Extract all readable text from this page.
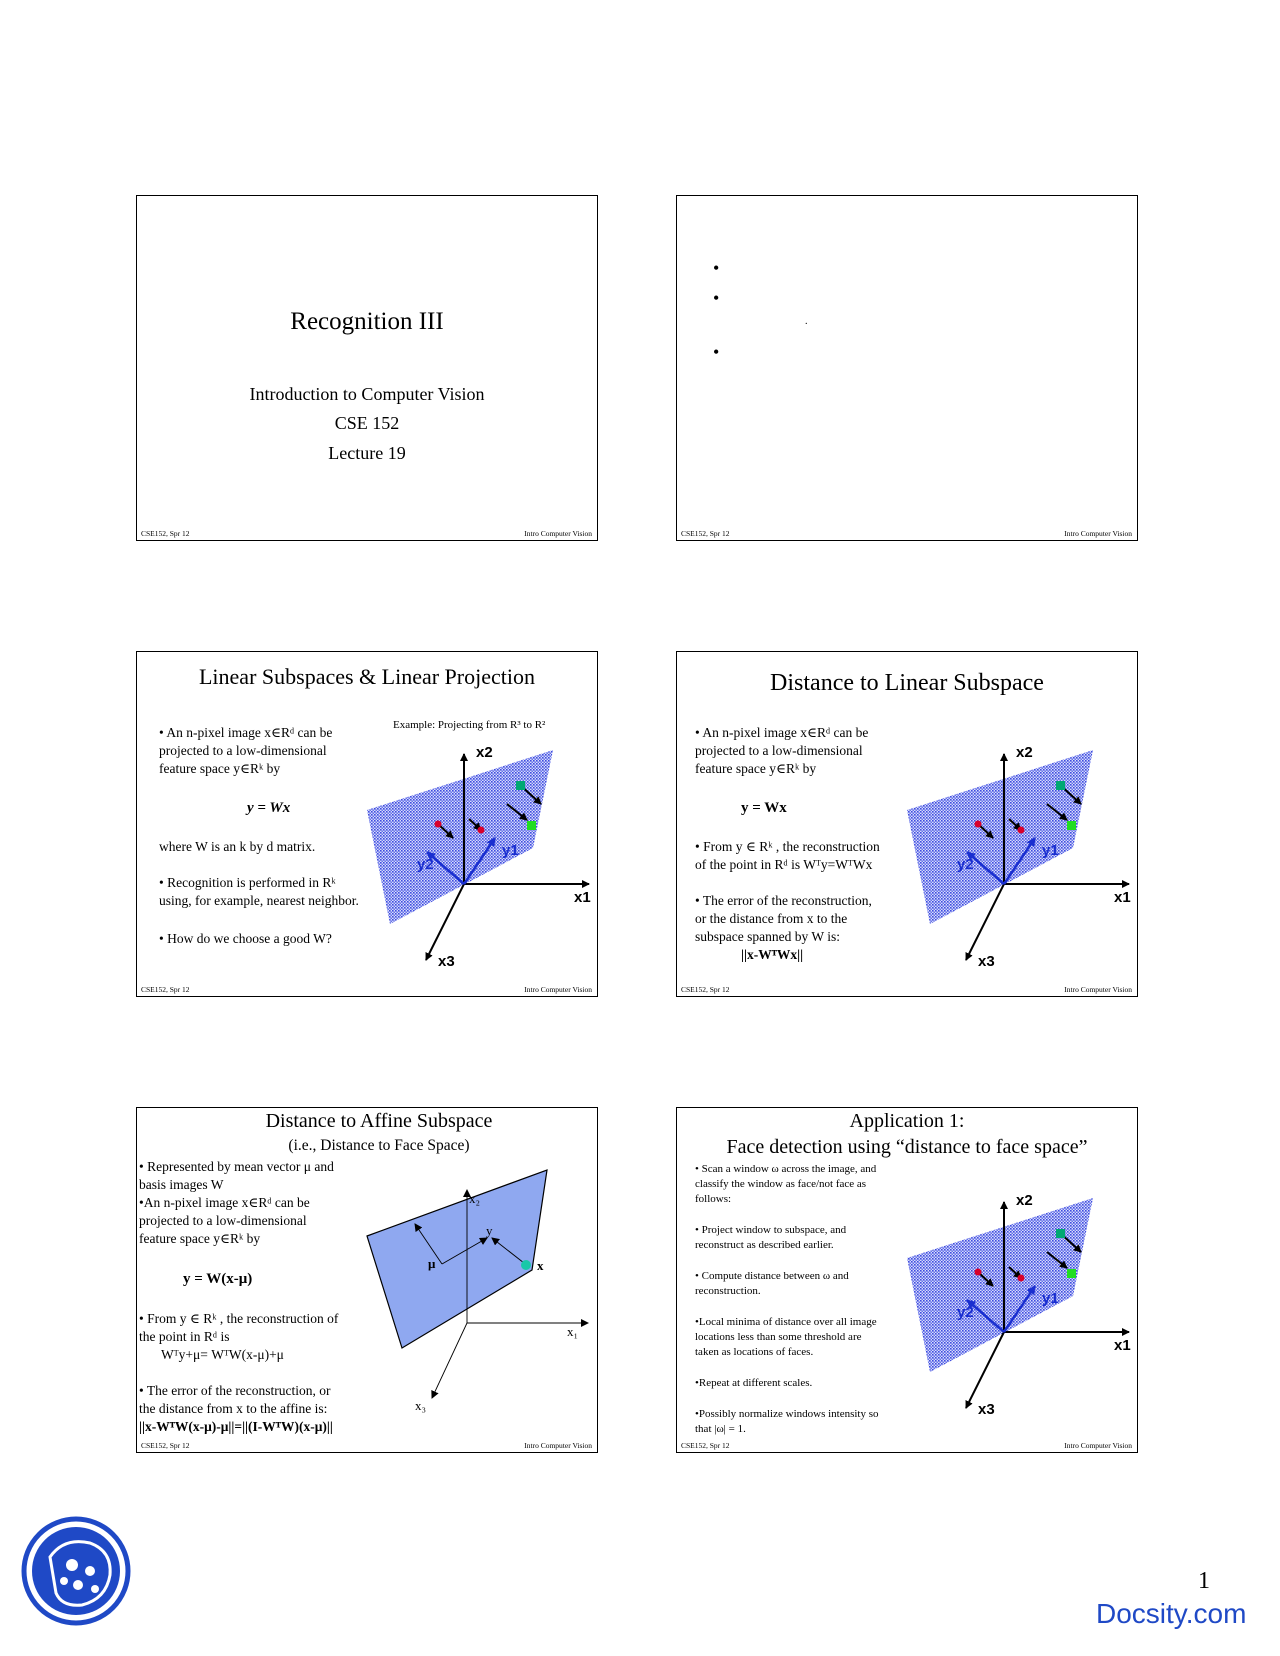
Recognition III
Introduction to Computer Vision
CSE 152
Lecture 19
CSE152, Spr 12	Intro Computer Vision
•
•
.
•
CSE152, Spr 12	Intro Computer Vision
Linear Subspaces & Linear Projection
Example: Projecting from R³ to R²
• An n-pixel image x∈Rᵈ can be
projected to a low-dimensional
feature space y∈Rᵏ by
y = Wx
where W is an k by d matrix.
• Recognition is performed in Rᵏ
using, for example, nearest neighbor.
• How do we choose a good W?
x2
x1
x3
y2
y1
CSE152, Spr 12	Intro Computer Vision
Distance to Linear Subspace
• An n-pixel image x∈Rᵈ can be
projected to a low-dimensional
feature space y∈Rᵏ by
y = Wx
• From y ∈ Rᵏ , the reconstruction
of the point in Rᵈ is Wᵀy=WᵀWx
• The error of the reconstruction,
or the distance from x to the
subspace spanned by W is:
||x-WᵀWx||
x2
x1
x3
y2
y1
CSE152, Spr 12	Intro Computer Vision
Distance to Affine Subspace
(i.e., Distance to Face Space)
• Represented by mean vector μ and
basis images W
•An n-pixel image x∈Rᵈ can be
projected to a low-dimensional
feature space y∈Rᵏ by
y = W(x-μ)
• From y ∈ Rᵏ , the reconstruction of
the point in Rᵈ is
Wᵀy+μ= WᵀW(x-μ)+μ
• The error of the reconstruction, or
the distance from x to the affine is:
||x-WᵀW(x-μ)-μ||=||(I-WᵀW)(x-μ)||
x₂
x₁
x₃
y
μ	x
CSE152, Spr 12	Intro Computer Vision
Application 1:
Face detection using “distance to face space”
• Scan a window ω across the image, and
classify the window as face/not face as
follows:
• Project window to subspace, and
reconstruct as described earlier.
• Compute distance between ω and
reconstruction.
•Local minima of distance over all image
locations less than some threshold are
taken as locations of faces.
•Repeat at different scales.
•Possibly normalize windows intensity so
that |ω| = 1.
x2
x1
x3
y2
y1
CSE152, Spr 12	Intro Computer Vision
1
Docsity.com
